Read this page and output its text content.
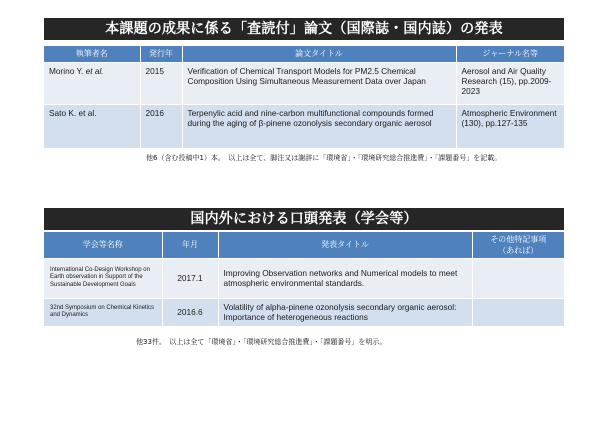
本課題の成果に係る「査読付」論文（国際誌・国内誌）の発表
執筆者名	発行年	論文タイトル	ジャーナル名等
Morino Y. et al.	2015	Verification of Chemical Transport Models for PM2.5 Chemical Composition Using Simultaneous Measurement Data over Japan	Aerosol and Air Quality Research (15), pp.2009-2023
Sato K. et al.	2016	Terpenylic acid and nine-carbon multifunctional compounds formed during the aging of β-pinene ozonolysis secondary organic aerosol	Atmospheric Environment (130), pp.127-135
他6（含む投稿中1）本。　以上は全て、脚注又は謝辞に「環境省」・「環境研究総合推進費」・「課題番号」を記載。
国内外における口頭発表（学会等）
学会等名称	年月	発表タイトル	その他特記事項
（あれば）
International Co-Design Workshop on Earth observation in Support of the Sustainable Development Goals	2017.1	Improving Observation networks and Numerical models to meet atmospheric environmental standards.	
32nd Symposium on Chemical Kinetics and Dynamics	2016.6	Volatility of alpha-pinene ozonolysis secondary organic aerosol: Importance of heterogeneous reactions	
他33件。　以上は全て「環境省」・「環境研究総合推進費」・「課題番号」を明示。
